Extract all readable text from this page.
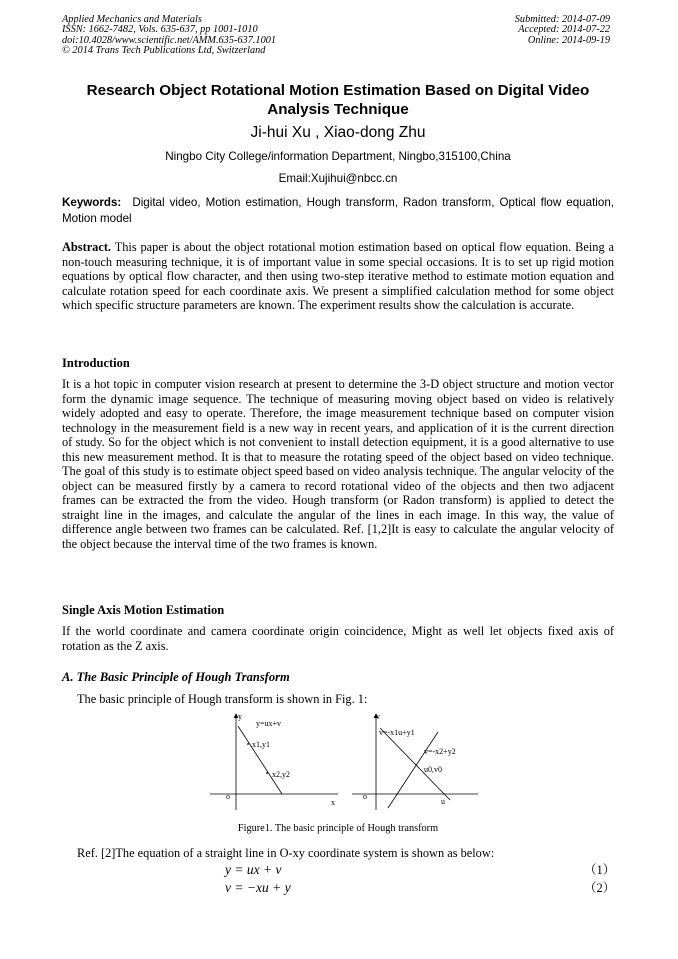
Applied Mechanics and Materials
ISSN: 1662-7482, Vols. 635-637, pp 1001-1010
doi:10.4028/www.scientific.net/AMM.635-637.1001
© 2014 Trans Tech Publications Ltd, Switzerland
Submitted: 2014-07-09
Accepted: 2014-07-22
Online: 2014-09-19
Research Object Rotational Motion Estimation Based on Digital Video Analysis Technique
Ji-hui Xu , Xiao-dong Zhu
Ningbo City College/information Department, Ningbo,315100,China
Email:Xujihui@nbcc.cn
Keywords: Digital video, Motion estimation, Hough transform, Radon transform, Optical flow equation, Motion model
Abstract. This paper is about the object rotational motion estimation based on optical flow equation. Being a non-touch measuring technique, it is of important value in some special occasions. It is to set up rigid motion equations by optical flow character, and then using two-step iterative method to estimate motion equation and calculate rotation speed for each coordinate axis. We present a simplified calculation method for some object which specific structure parameters are known. The experiment results show the calculation is accurate.
Introduction
It is a hot topic in computer vision research at present to determine the 3-D object structure and motion vector form the dynamic image sequence. The technique of measuring moving object based on video is relatively widely adopted and easy to operate. Therefore, the image measurement technique based on computer vision technology in the measurement field is a new way in recent years, and application of it is the current direction of study. So for the object which is not convenient to install detection equipment, it is a good alternative to use this new measurement method. It is that to measure the rotating speed of the object based on video technique. The goal of this study is to estimate object speed based on video analysis technique. The angular velocity of the object can be measured firstly by a camera to record rotational video of the objects and then two adjacent frames can be extracted the from the video. Hough transform (or Radon transform) is applied to detect the straight line in the images, and calculate the angular of the lines in each image. In this way, the value of difference angle between two frames can be calculated. Ref. [1,2]It is easy to calculate the angular velocity of the object because the interval time of the two frames is known.
Single Axis Motion Estimation
If the world coordinate and camera coordinate origin coincidence, Might as well let objects fixed axis of rotation as the Z axis.
A. The Basic Principle of Hough Transform
The basic principle of Hough transform is shown in Fig. 1:
y
y=ux+v
x1,y1
x2,y2
o
x
v
v=-x1u+y1
v=-x2+y2
u0,v0
o
u
Figure1. The basic principle of Hough transform
Ref. [2]The equation of a straight line in O-xy coordinate system is shown as below:
y = ux + v	（1）
v = −xu + y	（2）
